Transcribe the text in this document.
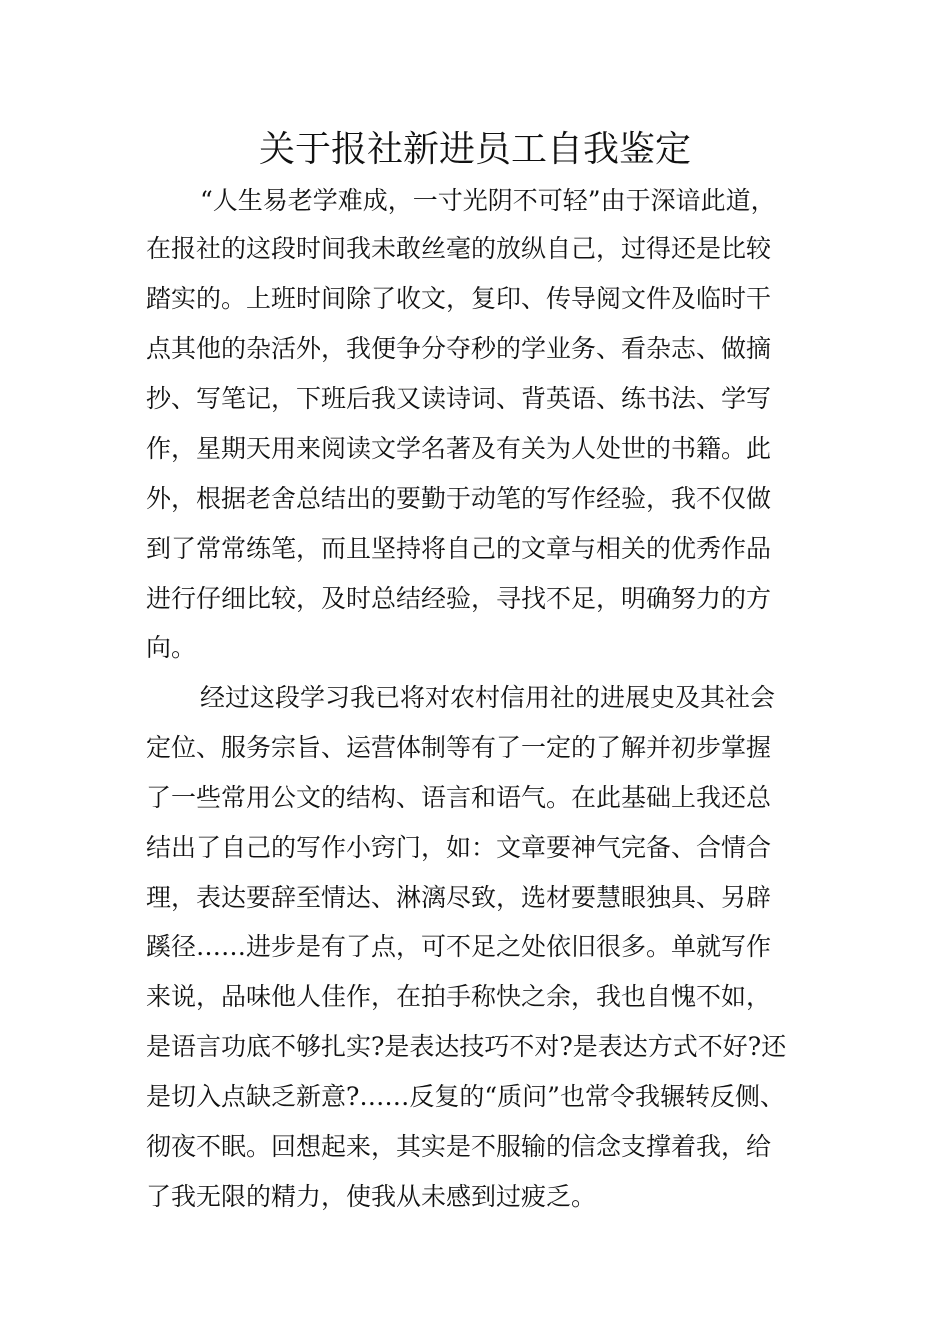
关于报社新进员工自我鉴定
“人生易老学难成，一寸光阴不可轻”由于深谙此道，
在报社的这段时间我未敢丝毫的放纵自己，过得还是比较
踏实的。上班时间除了收文，复印、传导阅文件及临时干
点其他的杂活外，我便争分夺秒的学业务、看杂志、做摘
抄、写笔记，下班后我又读诗词、背英语、练书法、学写
作，星期天用来阅读文学名著及有关为人处世的书籍。此
外，根据老舍总结出的要勤于动笔的写作经验，我不仅做
到了常常练笔，而且坚持将自己的文章与相关的优秀作品
进行仔细比较，及时总结经验，寻找不足，明确努力的方
向。
经过这段学习我已将对农村信用社的进展史及其社会
定位、服务宗旨、运营体制等有了一定的了解并初步掌握
了一些常用公文的结构、语言和语气。在此基础上我还总
结出了自己的写作小窍门，如：文章要神气完备、合情合
理，表达要辞至情达、淋漓尽致，选材要慧眼独具、另辟
蹊径……进步是有了点，可不足之处依旧很多。单就写作
来说，品味他人佳作，在拍手称快之余，我也自愧不如，
是语言功底不够扎实?是表达技巧不对?是表达方式不好?还
是切入点缺乏新意?……反复的“质问”也常令我辗转反侧、
彻夜不眠。回想起来，其实是不服输的信念支撑着我，给
了我无限的精力，使我从未感到过疲乏。
